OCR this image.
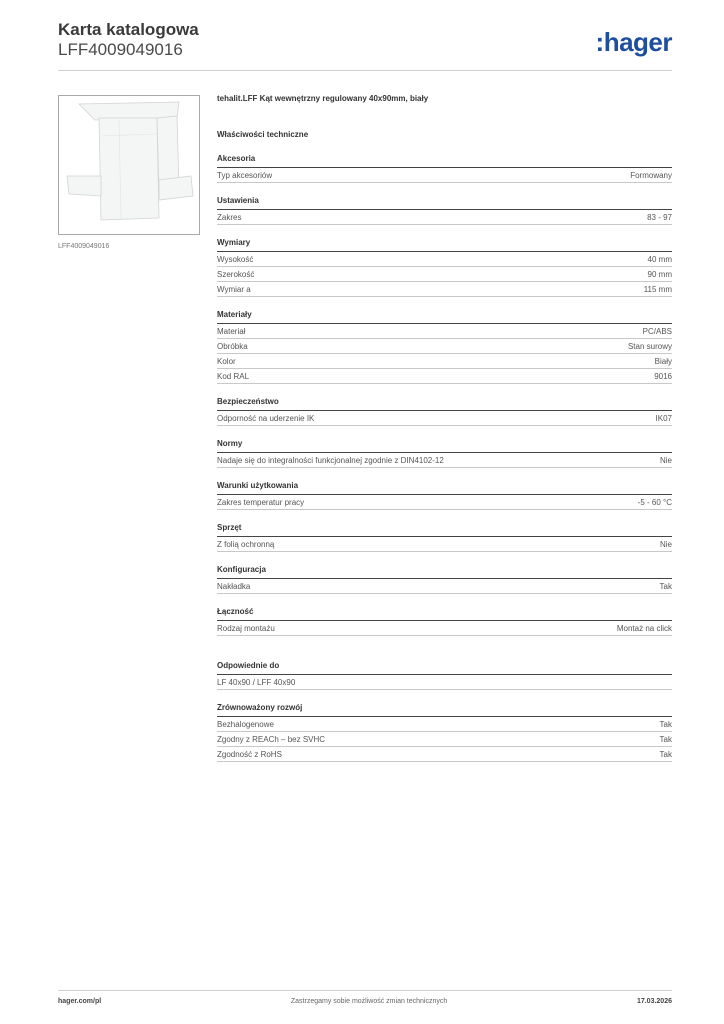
Karta katalogowa
LFF4009049016	:hager
LFF4009049016
tehalit.LFF Kąt wewnętrzny regulowany 40x90mm, biały
Właściwości techniczne
Akcesoria
Typ akcesoriów	Formowany
Ustawienia
Zakres	83 - 97
Wymiary
Wysokość	40 mm
Szerokość	90 mm
Wymiar a	115 mm
Materiały
Materiał	PC/ABS
Obróbka	Stan surowy
Kolor	Biały
Kod RAL	9016
Bezpieczeństwo
Odporność na uderzenie IK	IK07
Normy
Nadaje się do integralności funkcjonalnej zgodnie z DIN4102-12	Nie
Warunki użytkowania
Zakres temperatur pracy	-5 - 60 °C
Sprzęt
Z folią ochronną	Nie
Konfiguracja
Nakładka	Tak
Łączność
Rodzaj montażu	Montaż na click
Odpowiednie do
LF 40x90 / LFF 40x90
Zrównoważony rozwój
Bezhalogenowe	Tak
Zgodny z REACh – bez SVHC	Tak
Zgodność z RoHS	Tak
hager.com/pl	Zastrzegamy sobie możliwość zmian technicznych	17.03.2026
